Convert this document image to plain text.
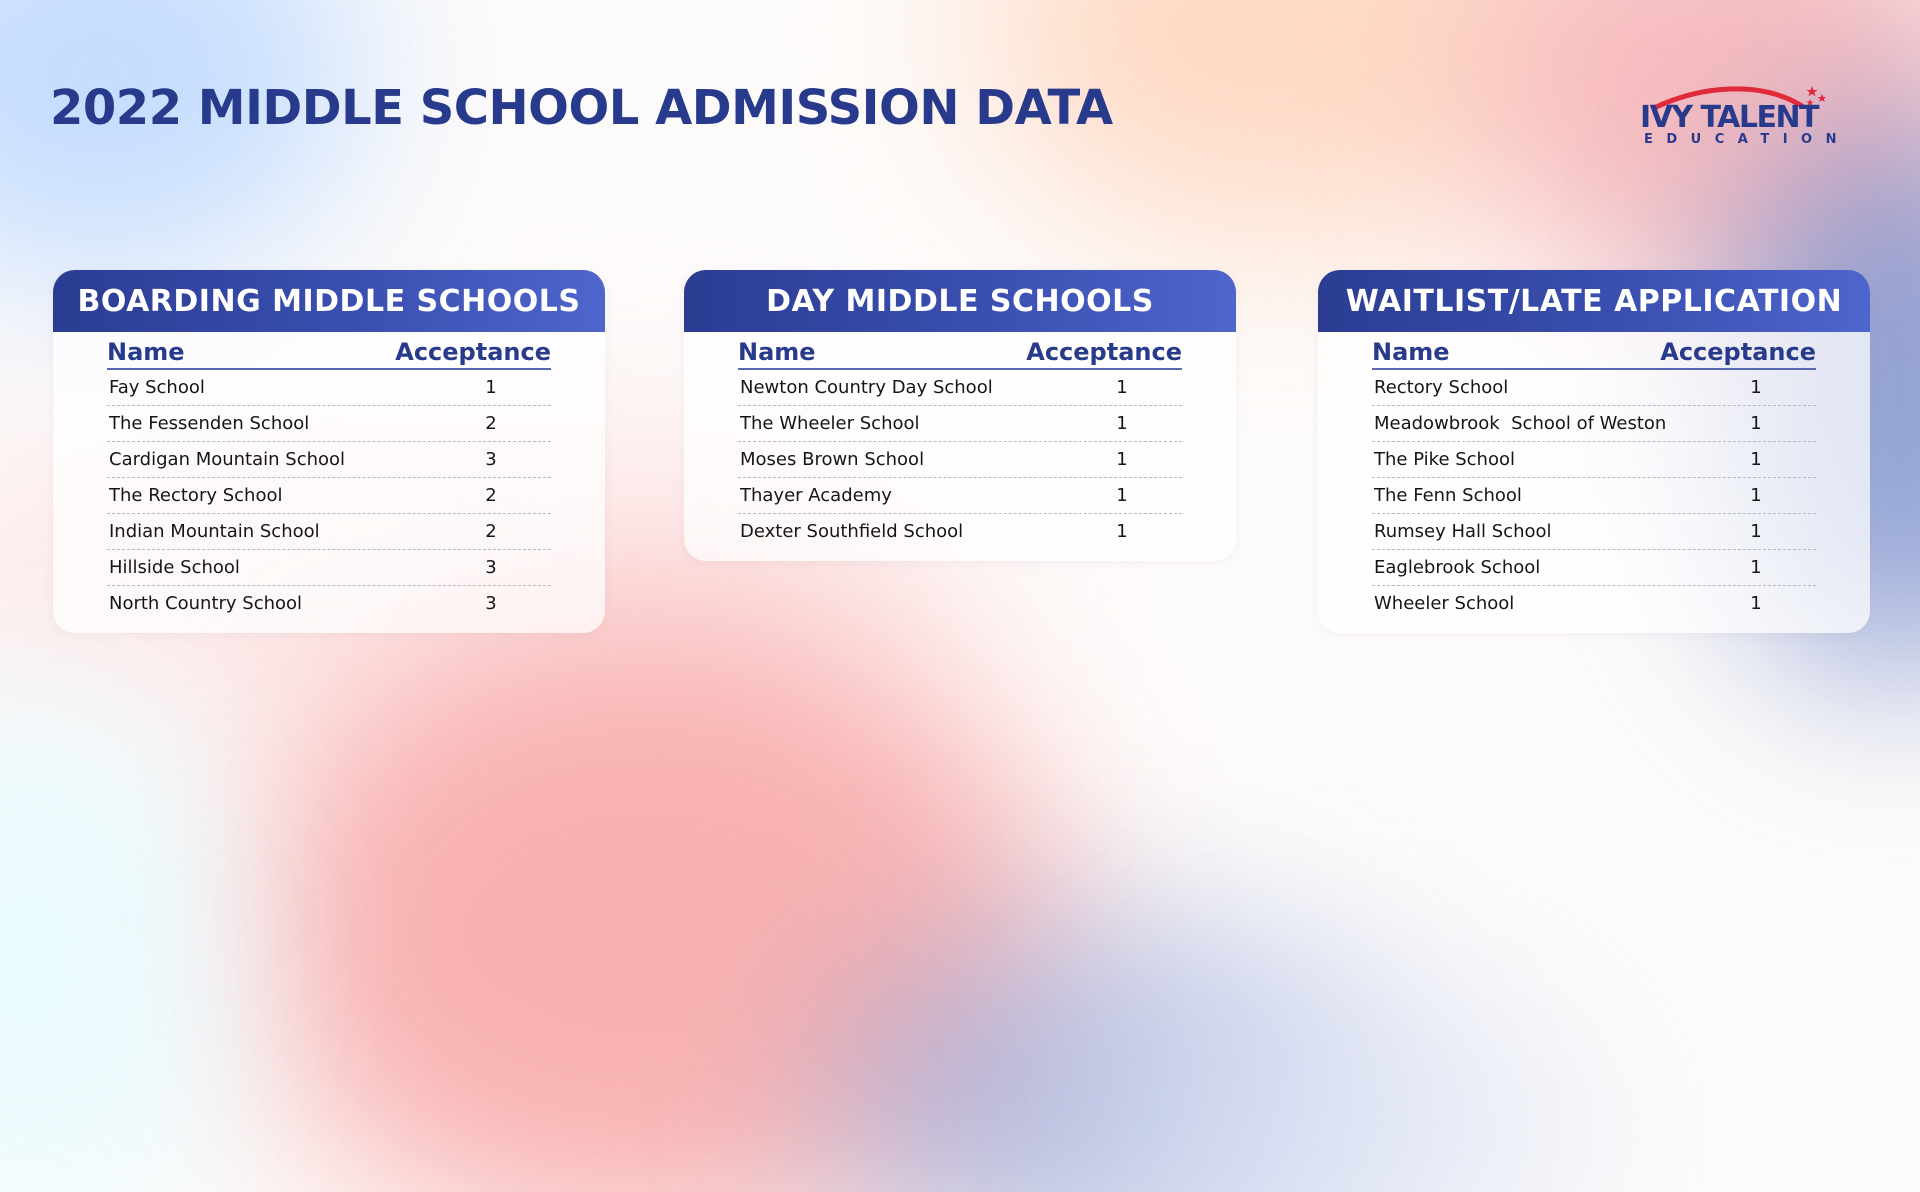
2022 MIDDLE SCHOOL ADMISSION DATA	IVY TALENT
EDUCATION
BOARDING MIDDLE SCHOOLS
Name	Acceptance
Fay School	1
The Fessenden School	2
Cardigan Mountain School	3
The Rectory School	2
Indian Mountain School	2
Hillside School	3
North Country School	3
DAY MIDDLE SCHOOLS
Name	Acceptance
Newton Country Day School	1
The Wheeler School	1
Moses Brown School	1
Thayer Academy	1
Dexter Southfield School	1
WAITLIST/LATE APPLICATION
Name	Acceptance
Rectory School	1
Meadowbrook  School of Weston	1
The Pike School	1
The Fenn School	1
Rumsey Hall School	1
Eaglebrook School	1
Wheeler School	1
